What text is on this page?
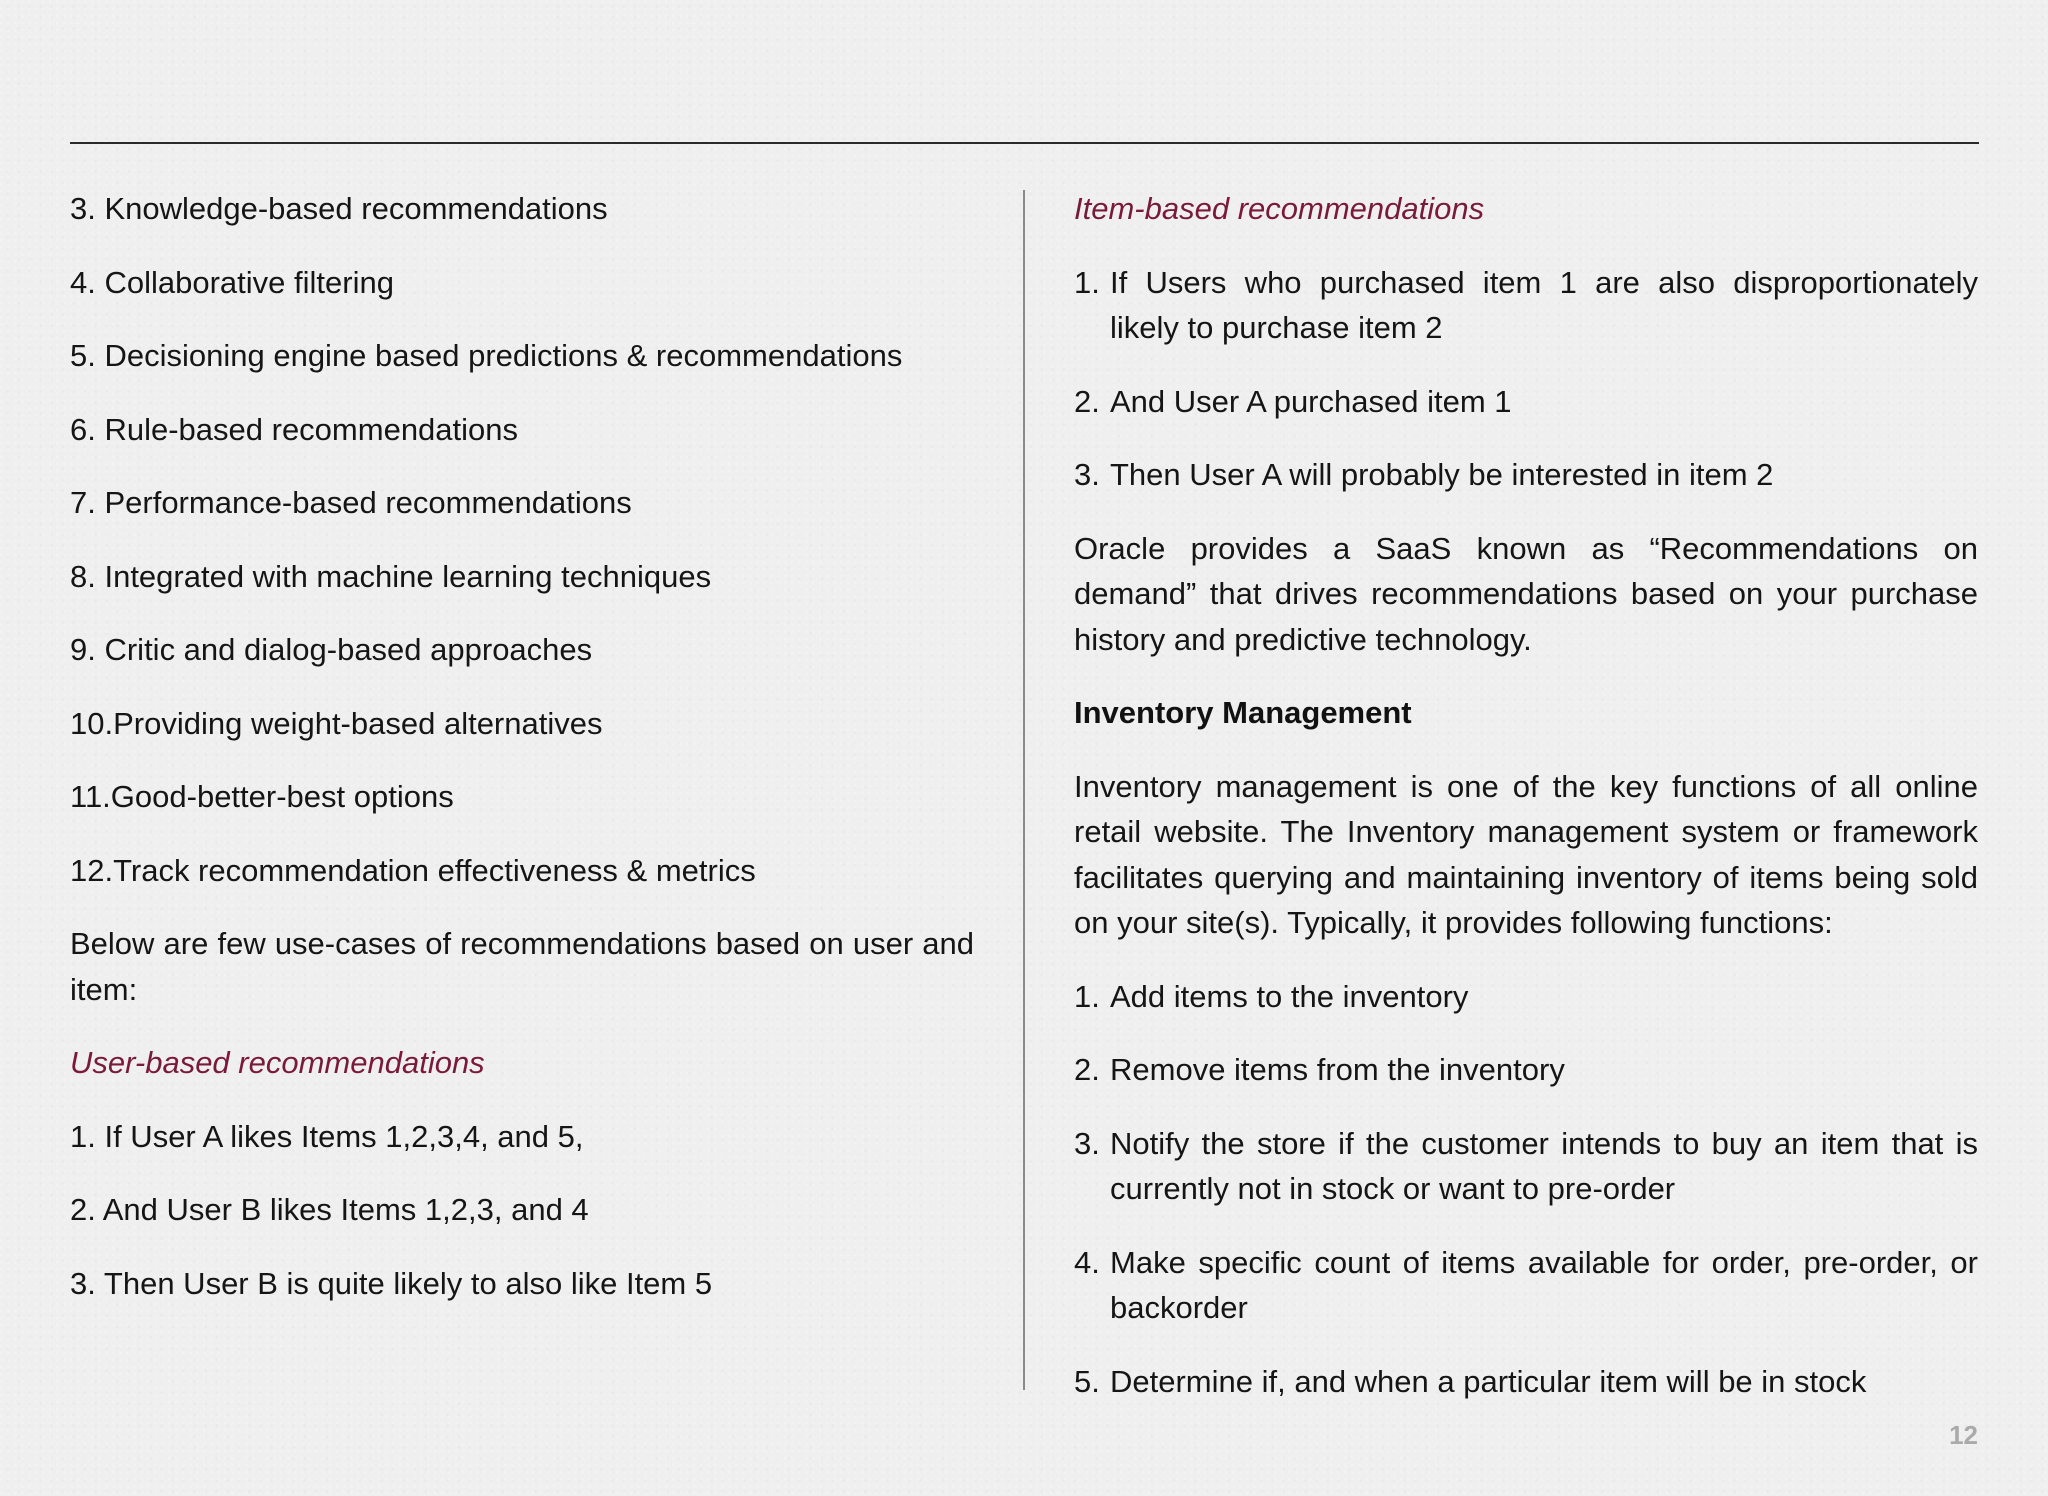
3. Knowledge-based recommendations
4. Collaborative filtering
5. Decisioning engine based predictions & recommendations
6. Rule-based recommendations
7. Performance-based recommendations
8. Integrated with machine learning techniques
9. Critic and dialog-based approaches
10.Providing weight-based alternatives
11.Good-better-best options
12.Track recommendation effectiveness & metrics
Below are few use-cases of recommendations based on user and item:
User-based recommendations
1. If User A likes Items 1,2,3,4, and 5,
2. And User B likes Items 1,2,3, and 4
3. Then User B is quite likely to also like Item 5
Item-based recommendations
1. If Users who purchased item 1 are also disproportionately likely to purchase item 2
2. And User A purchased item 1
3. Then User A will probably be interested in item 2
Oracle provides a SaaS known as “Recommendations on demand” that drives recommendations based on your purchase history and predictive technology.
Inventory Management
Inventory management is one of the key functions of all online retail website. The Inventory management system or framework facilitates querying and maintaining inventory of items being sold on your site(s). Typically, it provides following functions:
1. Add items to the inventory
2. Remove items from the inventory
3. Notify the store if the customer intends to buy an item that is currently not in stock or want to pre-order
4. Make specific count of items available for order, pre-order, or backorder
5. Determine if, and when a particular item will be in stock
12
